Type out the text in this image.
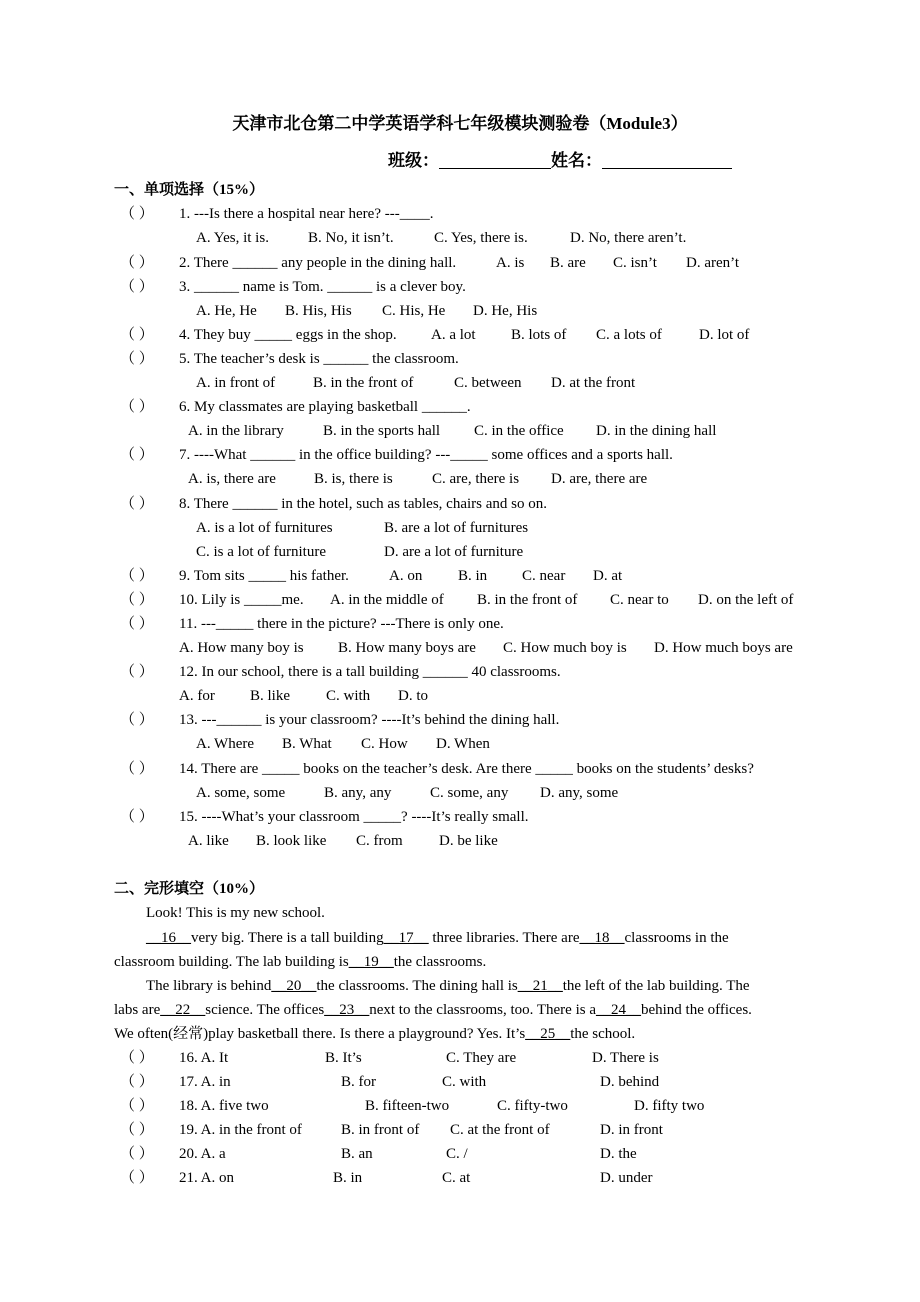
天津市北仓第二中学英语学科七年级模块测验卷（Module3）
班级：	姓名：
一、单项选择（15%）
（ ） 1. ---Is there a hospital near here? ---____.
A. Yes, it is.	B. No, it isn’t.	C. Yes, there is.	D. No, there aren’t.
（ ） 2. There ______ any people in the dining hall.	A. is B. are C. isn’t D. aren’t
（ ） 3. ______ name is Tom. ______ is a clever boy.
A. He, He B. His, His C. His, He D. He, His
（ ） 4. They buy _____ eggs in the shop. A. a lot B. lots of C. a lots of D. lot of
（ ） 5. The teacher’s desk is ______ the classroom.
A. in front of	B. in the front of	C. between D. at the front
（ ） 6. My classmates are playing basketball ______.
A. in the library	B. in the sports hall C. in the office D. in the dining hall
（ ） 7. ----What ______ in the office building? ---_____ some offices and a sports hall.
A. is, there are	B. is, there is	C. are, there is D. are, there are
（ ） 8. There ______ in the hotel, such as tables, chairs and so on.
A. is a lot of furnitures	B. are a lot of furnitures
C. is a lot of furniture	D. are a lot of furniture
（ ） 9. Tom sits _____ his father.	A. on B. in C. near D. at
（ ） 10. Lily is _____me. A. in the middle of B. in the front of C. near to D. on the left of
（ ） 11. ---_____ there in the picture? ---There is only one.
A. How many boy is B. How many boys are C. How much boy is D. How much boys are
（ ） 12. In our school, there is a tall building ______ 40 classrooms.
A. for B. like C. with D. to
（ ） 13. ---______ is your classroom? ----It’s behind the dining hall.
A. Where B. What C. How D. When
（ ） 14. There are _____ books on the teacher’s desk. Are there _____ books on the students’ desks?
A. some, some	B. any, any	C. some, any D. any, some
（ ） 15. ----What’s your classroom _____? ----It’s really small.
A. like B. look like C. from D. be like
二、完形填空（10%）
Look! This is my new school.
__16__very big. There is a tall building__17__ three libraries. There are__18__classrooms in the
classroom building. The lab building is__19__the classrooms.
The library is behind__20__the classrooms. The dining hall is__21__the left of the lab building. The
labs are__22__science. The offices__23__next to the classrooms, too. There is a__24__behind the offices.
We often(经常)play basketball there. Is there a playground? Yes. It’s__25__the school.
（ ） 16. A. It	B. It’s	C. They are	D. There is
（ ） 17. A. in	B. for	C. with	D. behind
（ ） 18. A. five two	B. fifteen-two	C. fifty-two	D. fifty two
（ ） 19. A. in the front of	B. in front of C. at the front of	D. in front
（ ） 20. A. a	B. an	C. /	D. the
（ ） 21. A. on	B. in	C. at	D. under
